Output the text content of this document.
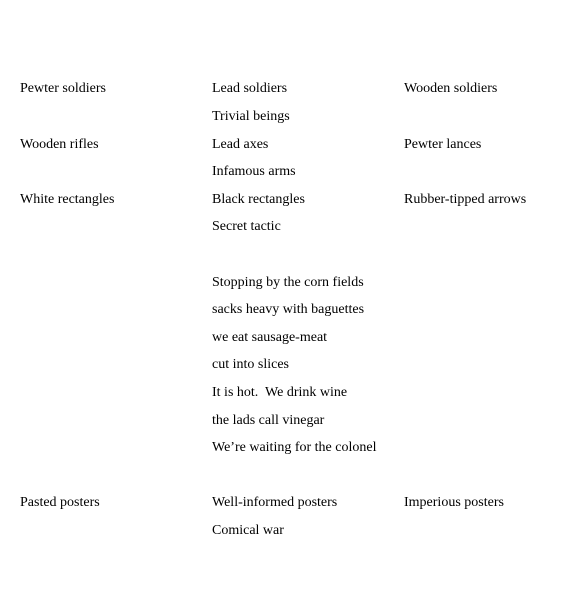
Pewter soldiers	Lead soldiers	Wooden soldiers
Trivial beings
Wooden rifles	Lead axes	Pewter lances
Infamous arms
White rectangles	Black rectangles	Rubber-tipped arrows
Secret tactic
Stopping by the corn fields
sacks heavy with baguettes
we eat sausage-meat
cut into slices
It is hot.  We drink wine
the lads call vinegar
We’re waiting for the colonel
Pasted posters	Well-informed posters	Imperious posters
Comical war
